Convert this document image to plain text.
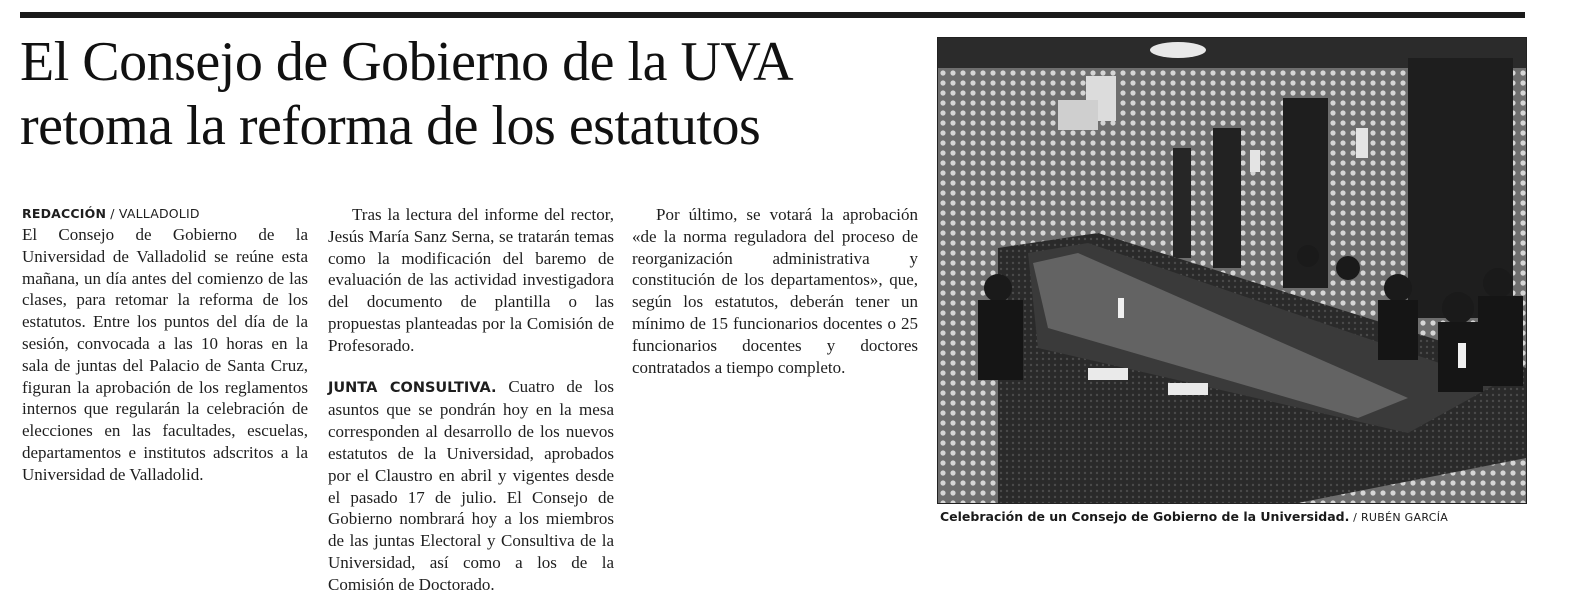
El Consejo de Gobierno de la UVA
retoma la reforma de los estatutos
REDACCIÓN / VALLADOLID

El Consejo de Gobierno de la Universidad de Valladolid se reúne esta mañana, un día antes del comienzo de las clases, para retomar la reforma de los estatutos. Entre los puntos del día de la sesión, convocada a las 10 horas en la sala de juntas del Palacio de Santa Cruz, figuran la aprobación de los reglamentos internos que regularán la celebración de elecciones en las facultades, escuelas, departamentos e institutos adscritos a la Universidad de Valladolid.

Tras la lectura del informe del rector, Jesús María Sanz Serna, se tratarán temas como la modificación del baremo de evaluación de las actividad investigadora del documento de plantilla o las propuestas planteadas por la Comisión de Profesorado.

JUNTA CONSULTIVA. Cuatro de los asuntos que se pondrán hoy en la mesa corresponden al desarrollo de los nuevos estatutos de la Universidad, aprobados por el Claustro en abril y vigentes desde el pasado 17 de julio. El Consejo de Gobierno nombrará hoy a los miembros de las juntas Electoral y Consultiva de la Universidad, así como a los de la Comisión de Doctorado.

Por último, se votará la aprobación «de la norma reguladora del proceso de reorganización administrativa y constitución de los departamentos», que, según los estatutos, deberán tener un mínimo de 15 funcionarios docentes o 25 funcionarios docentes y doctores contratados a tiempo completo.

Celebración de un Consejo de Gobierno de la Universidad. / RUBÉN GARCÍA
